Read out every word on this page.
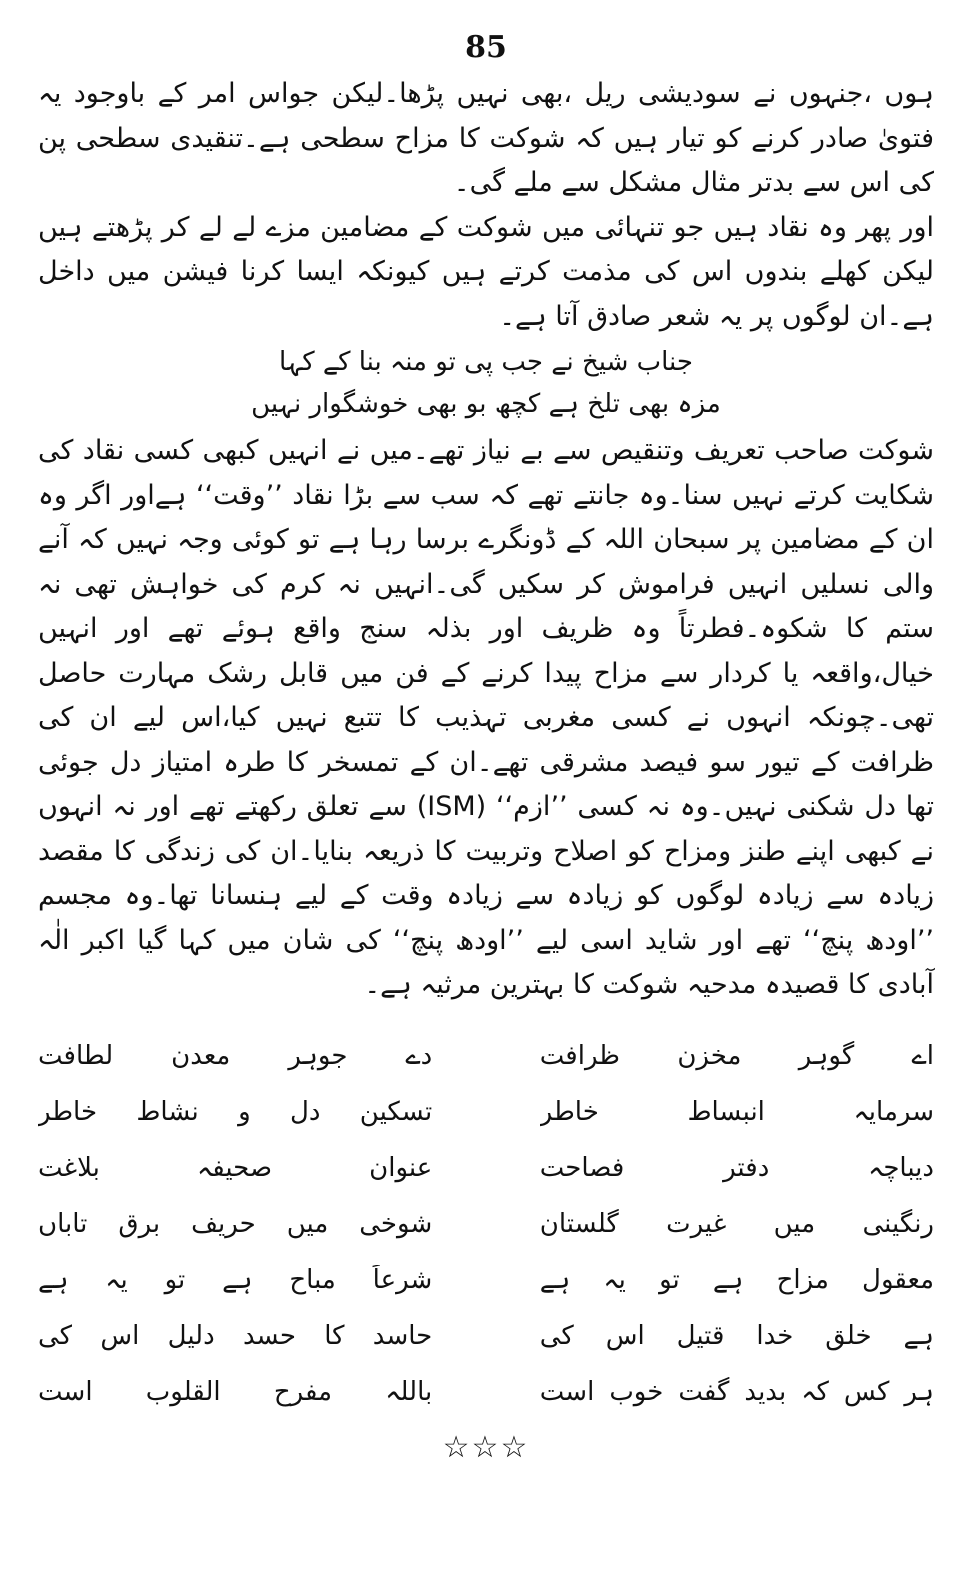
85

ہوں ،جنہوں نے سودیشی ریل ،بھی نہیں پڑھا۔لیکن جواس امر کے باوجود یہ فتویٰ صادر کرنے کو تیار ہیں کہ شوکت کا مزاح سطحی ہے۔تنقیدی سطحی پن کی اس سے بدتر مثال مشکل سے ملے گی۔

اور پھر وہ نقاد ہیں جو تنہائی میں شوکت کے مضامین مزے لے لے کر پڑھتے ہیں لیکن کھلے بندوں اس کی مذمت کرتے ہیں کیونکہ ایسا کرنا فیشن میں داخل ہے۔ان لوگوں پر یہ شعر صادق آتا ہے۔

جناب شیخ نے جب پی تو منہ بنا کے کہا
مزہ بھی تلخ ہے کچھ بو بھی خوشگوار نہیں

شوکت صاحب تعریف وتنقیص سے بے نیاز تھے۔میں نے انہیں کبھی کسی نقاد کی شکایت کرتے نہیں سنا۔وہ جانتے تھے کہ سب سے بڑا نقاد ’’وقت‘‘ ہےاور اگر وہ ان کے مضامین پر سبحان اللہ کے ڈونگرے برسا رہا ہے تو کوئی وجہ نہیں کہ آنے والی نسلیں انہیں فراموش کر سکیں گی۔انہیں نہ کرم کی خواہش تھی نہ ستم کا شکوہ۔فطرتاً وہ ظریف اور بذلہ سنج واقع ہوئے تھے اور انہیں خیال،واقعہ یا کردار سے مزاح پیدا کرنے کے فن میں قابل رشک مہارت حاصل تھی۔چونکہ انہوں نے کسی مغربی تہذیب کا تتبع نہیں کیا،اس لیے ان کی ظرافت کے تیور سو فیصد مشرقی تھے۔ان کے تمسخر کا طرہ امتیاز دل جوئی تھا دل شکنی نہیں۔وہ نہ کسی ’’ازم‘‘ (ISM) سے تعلق رکھتے تھے اور نہ انہوں نے کبھی اپنے طنز ومزاح کو اصلاح وتربیت کا ذریعہ بنایا۔ان کی زندگی کا مقصد زیادہ سے زیادہ لوگوں کو زیادہ سے زیادہ وقت کے لیے ہنسانا تھا۔وہ مجسم ’’اودھ پنچ‘‘ تھے اور شاید اسی لیے ’’اودھ پنچ‘‘ کی شان میں کہا گیا اکبر الٰہ آبادی کا قصیدہ مدحیہ شوکت کا بہترین مرثیہ ہے۔

اے گوہر مخزن ظرافت
دے جوہر معدن لطافت
سرمایہ انبساط خاطر
تسکین دل و نشاط خاطر
دیباچہ دفتر فصاحت
عنوان صحیفہ بلاغت
رنگینی میں غیرت گلستان
شوخی میں حریف برق تاباں
معقول مزاح ہے تو یہ ہے
شرعاً مباح ہے تو یہ ہے
ہے خلق خدا قتیل اس کی
حاسد کا حسد دلیل اس کی
ہر کس کہ بدید گفت خوب است
باللہ مفرح القلوب است
☆☆☆
